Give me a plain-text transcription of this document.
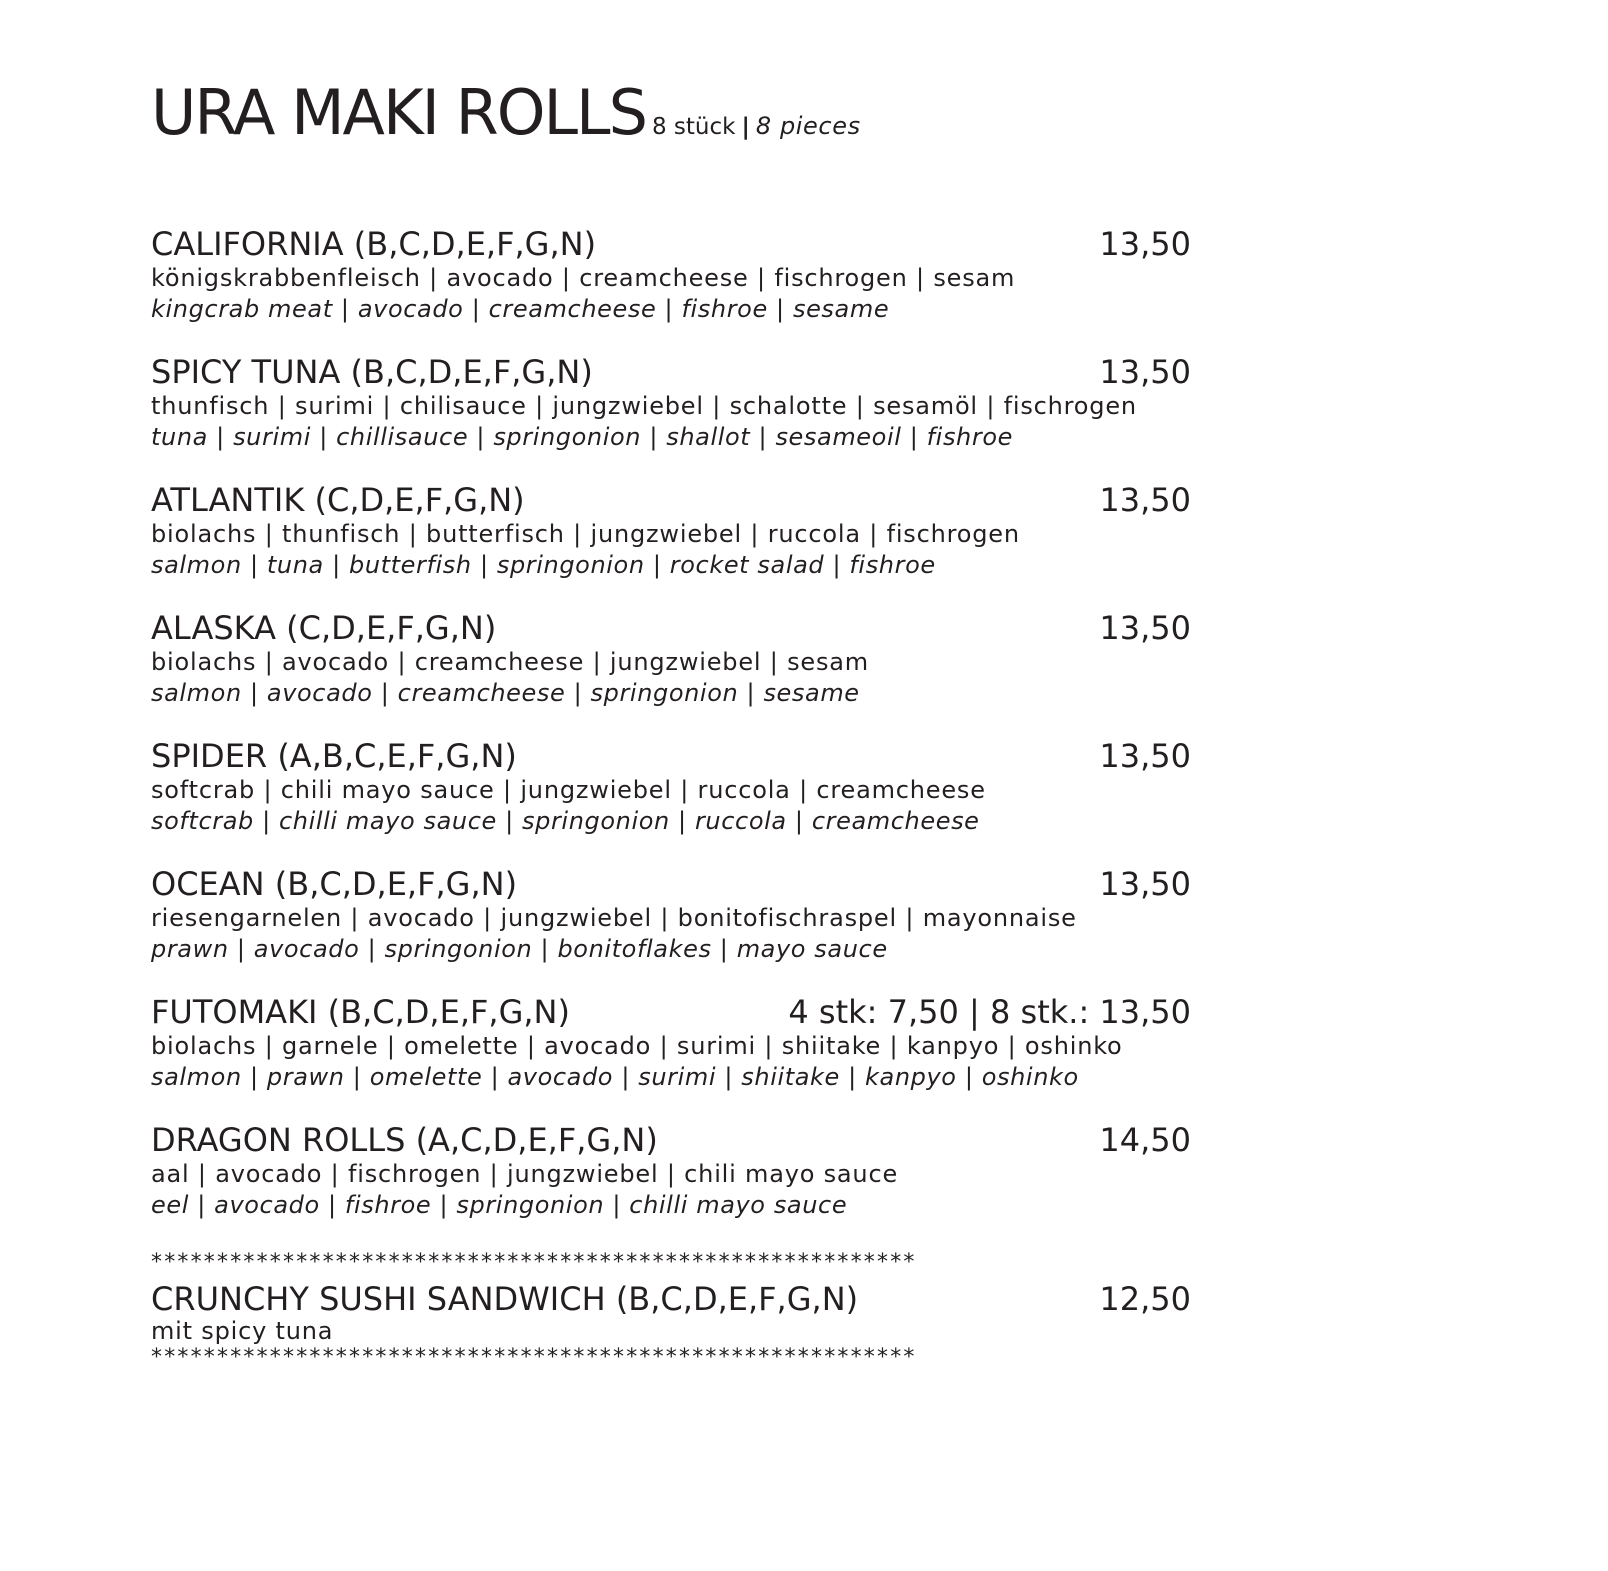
URA MAKI ROLLS 8 stück | 8 pieces
CALIFORNIA (B,C,D,E,F,G,N)	13,50
königskrabbenfleisch | avocado | creamcheese | fischrogen | sesam
kingcrab meat | avocado | creamcheese | fishroe | sesame
SPICY TUNA (B,C,D,E,F,G,N)	13,50
thunfisch | surimi | chilisauce | jungzwiebel | schalotte | sesamöl | fischrogen
tuna | surimi | chillisauce | springonion | shallot | sesameoil | fishroe
ATLANTIK (C,D,E,F,G,N)	13,50
biolachs | thunfisch | butterfisch | jungzwiebel | ruccola | fischrogen
salmon | tuna | butterfish | springonion | rocket salad | fishroe
ALASKA (C,D,E,F,G,N)	13,50
biolachs | avocado | creamcheese | jungzwiebel | sesam
salmon | avocado | creamcheese | springonion | sesame
SPIDER (A,B,C,E,F,G,N)	13,50
softcrab | chili mayo sauce | jungzwiebel | ruccola | creamcheese
softcrab | chilli mayo sauce | springonion | ruccola | creamcheese
OCEAN (B,C,D,E,F,G,N)	13,50
riesengarnelen | avocado | jungzwiebel | bonitofischraspel | mayonnaise
prawn | avocado | springonion | bonitoflakes | mayo sauce
FUTOMAKI (B,C,D,E,F,G,N)	4 stk: 7,50 | 8 stk.: 13,50
biolachs | garnele | omelette | avocado | surimi | shiitake | kanpyo | oshinko
salmon | prawn | omelette | avocado | surimi | shiitake | kanpyo | oshinko
DRAGON ROLLS (A,C,D,E,F,G,N)	14,50
aal | avocado | fischrogen | jungzwiebel | chili mayo sauce
eel | avocado | fishroe | springonion | chilli mayo sauce
**********************************************************
CRUNCHY SUSHI SANDWICH (B,C,D,E,F,G,N)	12,50
mit spicy tuna
**********************************************************
